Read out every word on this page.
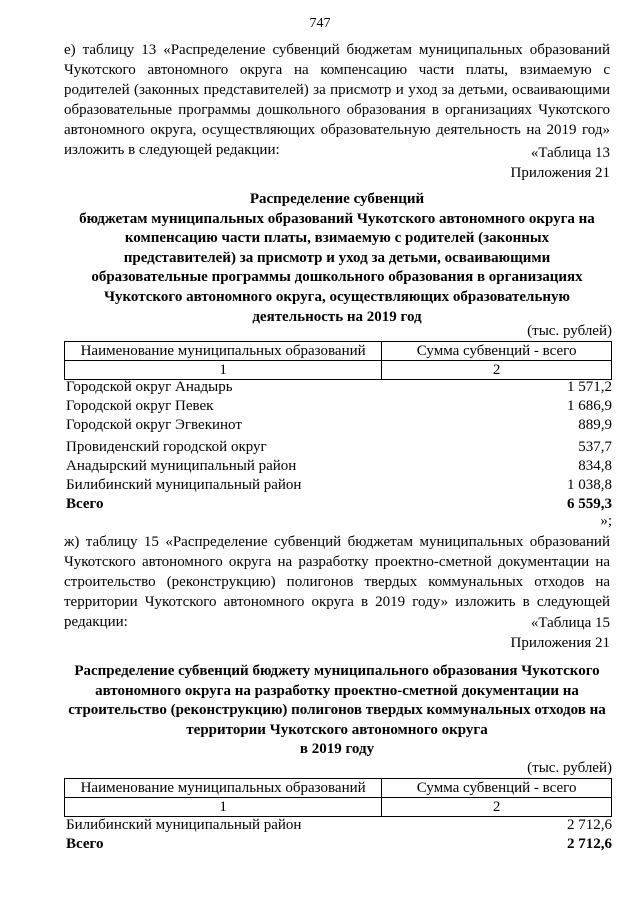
747
е) таблицу 13 «Распределение субвенций бюджетам муниципальных образований Чукотского автономного округа на компенсацию части платы, взимаемую с родителей (законных представителей) за присмотр и уход за детьми, осваивающими образовательные программы дошкольного образования в организациях Чукотского автономного округа, осуществляющих образовательную деятельность на 2019 год» изложить в следующей редакции:	«Таблица 13
Приложения 21
Распределение субвенций
бюджетам муниципальных образований Чукотского автономного округа на
компенсацию части платы, взимаемую с родителей (законных
представителей) за присмотр и уход за детьми, осваивающими
образовательные программы дошкольного образования в организациях
Чукотского автономного округа, осуществляющих образовательную
деятельность на 2019 год
(тыс. рублей)
Наименование муниципальных образований	Сумма субвенций - всего
1	2
Городской округ Анадырь	1 571,2
Городской округ Певек	1 686,9
Городской округ Эгвекинот	889,9
Провиденский городской округ	537,7
Анадырский муниципальный район	834,8
Билибинский муниципальный район	1 038,8
Всего	6 559,3
»;
ж) таблицу 15 «Распределение субвенций бюджетам муниципальных образований Чукотского автономного округа на разработку проектно-сметной документации на строительство (реконструкцию) полигонов твердых коммунальных отходов на территории Чукотского автономного округа в 2019 году» изложить в следующей редакции:	«Таблица 15
Приложения 21
Распределение субвенций бюджету муниципального образования Чукотского
автономного округа на разработку проектно-сметной документации на
строительство (реконструкцию) полигонов твердых коммунальных отходов на
территории Чукотского автономного округа
в 2019 году
(тыс. рублей)
Наименование муниципальных образований	Сумма субвенций - всего
1	2
Билибинский муниципальный район	2 712,6
Всего	2 712,6
